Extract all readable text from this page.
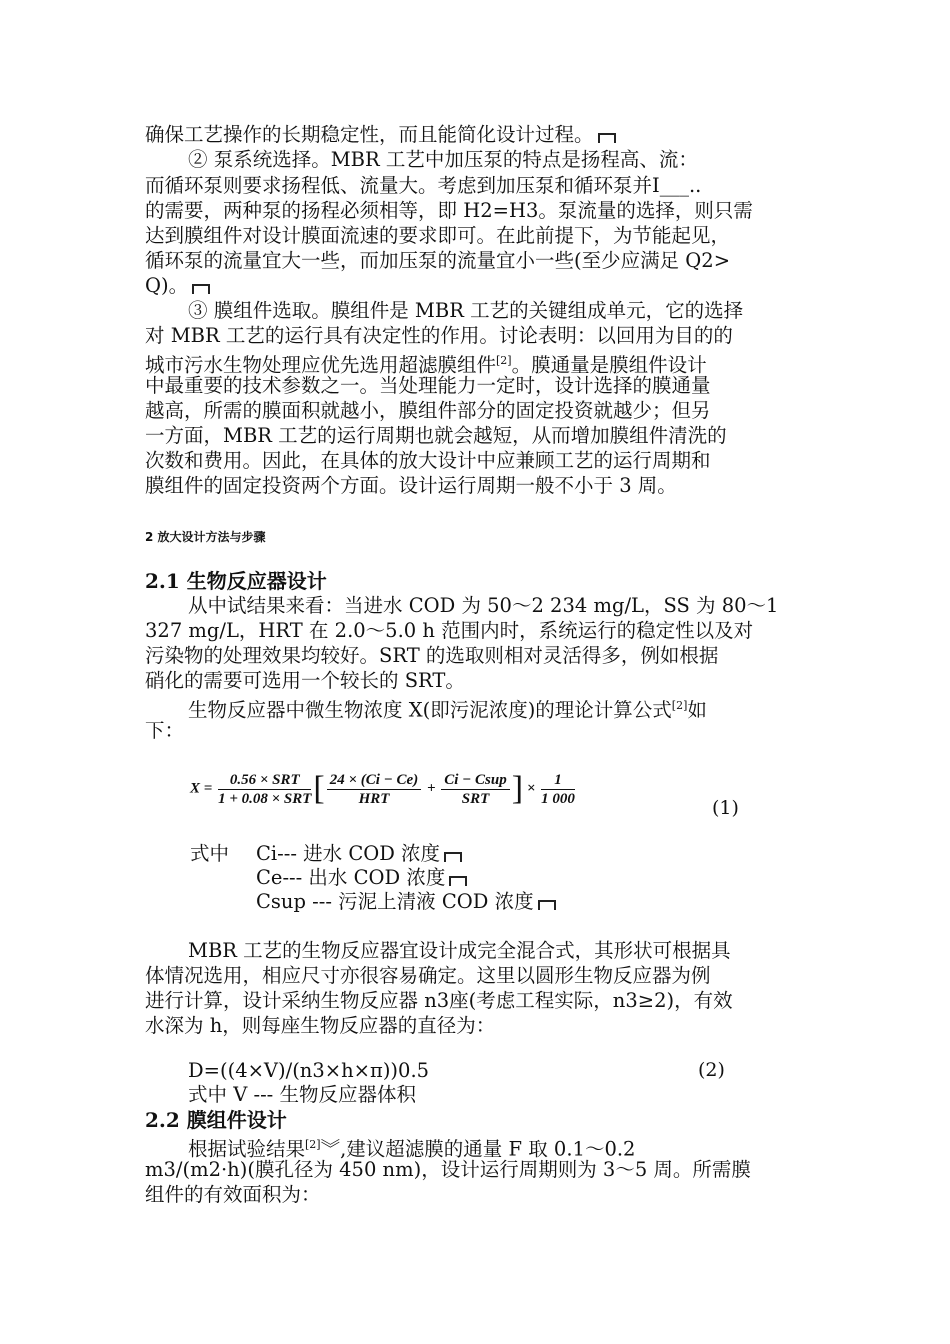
确保工艺操作的长期稳定性，而且能简化设计过程。
② 泵系统选择。MBR 工艺中加压泵的特点是扬程高、流：
而循环泵则要求扬程低、流量大。考虑到加压泵和循环泵并I___..
的需要，两种泵的扬程必须相等，即 H2=H3。泵流量的选择，则只需
达到膜组件对设计膜面流速的要求即可。在此前提下，为节能起见，
循环泵的流量宜大一些，而加压泵的流量宜小一些(至少应满足 Q2>
Q)。
③ 膜组件选取。膜组件是 MBR 工艺的关键组成单元，它的选择
对 MBR 工艺的运行具有决定性的作用。讨论表明：以回用为目的的
城市污水生物处理应优先选用超滤膜组件[2]。膜通量是膜组件设计
中最重要的技术参数之一。当处理能力一定时，设计选择的膜通量
越高，所需的膜面积就越小，膜组件部分的固定投资就越少；但另
一方面，MBR 工艺的运行周期也就会越短，从而增加膜组件清洗的
次数和费用。因此，在具体的放大设计中应兼顾工艺的运行周期和
膜组件的固定投资两个方面。设计运行周期一般不小于 3 周。
2 放大设计方法与步骤
2.1 生物反应器设计
从中试结果来看：当进水 COD 为 50～2 234 mg/L，SS 为 80～1
327 mg/L，HRT 在 2.0～5.0 h 范围内时，系统运行的稳定性以及对
污染物的处理效果均较好。SRT 的选取则相对灵活得多，例如根据
硝化的需要可选用一个较长的 SRT。
生物反应器中微生物浓度 X(即污泥浓度)的理论计算公式[2]如
下：
$X = \frac{\text{0.56 × SRT}}{\text{1 + 0.08 × SRT}}$ [ $\frac{24 \times (Ci - Ce)}{\text{HRT}} + \frac{\text{Ci − Csup}}{\text{SRT}}$ ] × $\frac{1}{1 000}$
(1)
式中 Ci--- 进水 COD 浓度
Ce--- 出水 COD 浓度
Csup --- 污泥上清液 COD 浓度
MBR 工艺的生物反应器宜设计成完全混合式，其形状可根据具
体情况选用，相应尺寸亦很容易确定。这里以圆形生物反应器为例
进行计算，设计采纳生物反应器 n3座(考虑工程实际，n3≥2)，有效
水深为 h，则每座生物反应器的直径为：
D=((4×V)/(n3×h×π))0.5	(2)
式中 V --- 生物反应器体积
2.2 膜组件设计
根据试验结果[2]︾,建议超滤膜的通量 F 取 0.1～0.2
m3/(m2·h)(膜孔径为 450 nm)，设计运行周期则为 3～5 周。所需膜
组件的有效面积为：
